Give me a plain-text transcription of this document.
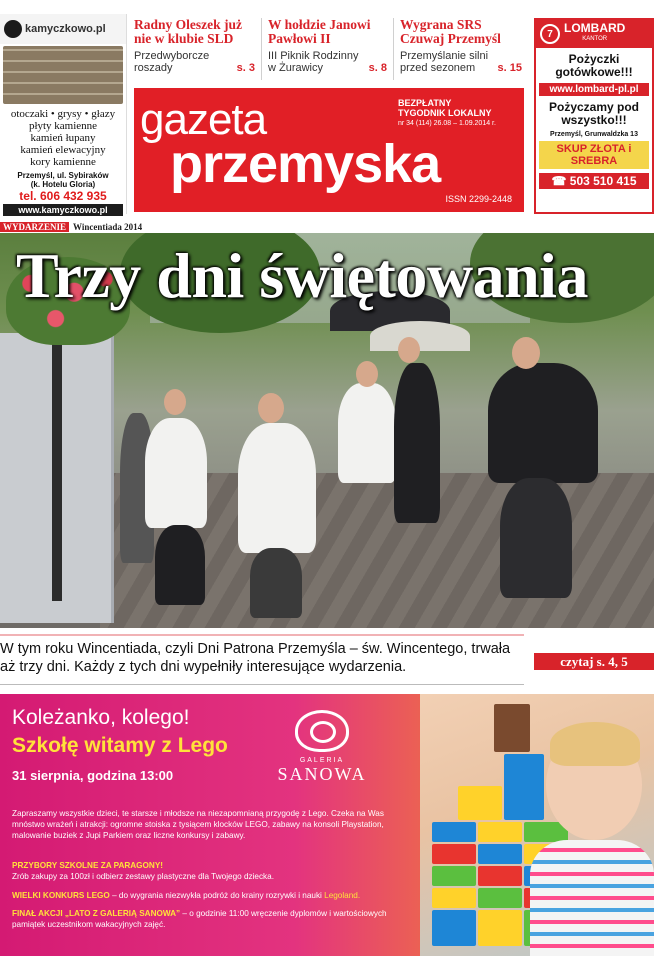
kamyczkowo.pl
otoczaki • grysy • głazy
płyty kamienne
kamień łupany
kamień elewacyjny
kory kamienne
Przemyśl, ul. Sybiraków
(k. Hotelu Gloria)
tel. 606 432 935
www.kamyczkowo.pl
Radny Oleszek już nie w klubie SLD
Przedwyborcze roszady	s. 3
W hołdzie Janowi Pawłowi II
III Piknik Rodzinny w Żurawicy	s. 8
Wygrana SRS Czuwaj Przemyśl
Przemyślanie silni przed sezonem	s. 15
gazeta
przemyska
BEZPŁATNY
TYGODNIK LOKALNY
nr 34 (114) 26.08 – 1.09.2014 r.
ISSN 2299-2448
7 LOMBARD
KANTOR
Pożyczki gotówkowe!!!
www.lombard-pl.pl
Pożyczamy pod wszystko!!!
Przemyśl, Grunwaldzka 13
SKUP ZŁOTA i SREBRA
☎ 503 510 415
WYDARZENIE Wincentiada 2014
Trzy dni świętowania
W tym roku Wincentiada, czyli Dni Patrona Przemyśla – św. Wincentego, trwała aż trzy dni. Każdy z tych dni wypełniły interesujące wydarzenia.	czytaj s. 4, 5
Koleżanko, kolego!
Szkołę witamy z Lego
31 sierpnia, godzina 13:00
GALERIA
SANOWA
Zapraszamy wszystkie dzieci, te starsze i młodsze na niezapomnianą przygodę z Lego. Czeka na Was mnóstwo wrażeń i atrakcji: ogromne stoiska z tysiącem klocków LEGO, zabawy na konsoli Playstation, malowanie buziek z Jupi Parkiem oraz liczne konkursy i zabawy.
PRZYBORY SZKOLNE ZA PARAGONY!
Zrób zakupy za 100zł i odbierz zestawy plastyczne dla Twojego dziecka.
WIELKI KONKURS LEGO – do wygrania niezwykła podróż do krainy rozrywki i nauki Legoland.
FINAŁ AKCJI „LATO Z GALERIĄ SANOWA” – o godzinie 11:00 wręczenie dyplomów i wartościowych pamiątek uczestnikom wakacyjnych zajęć.
